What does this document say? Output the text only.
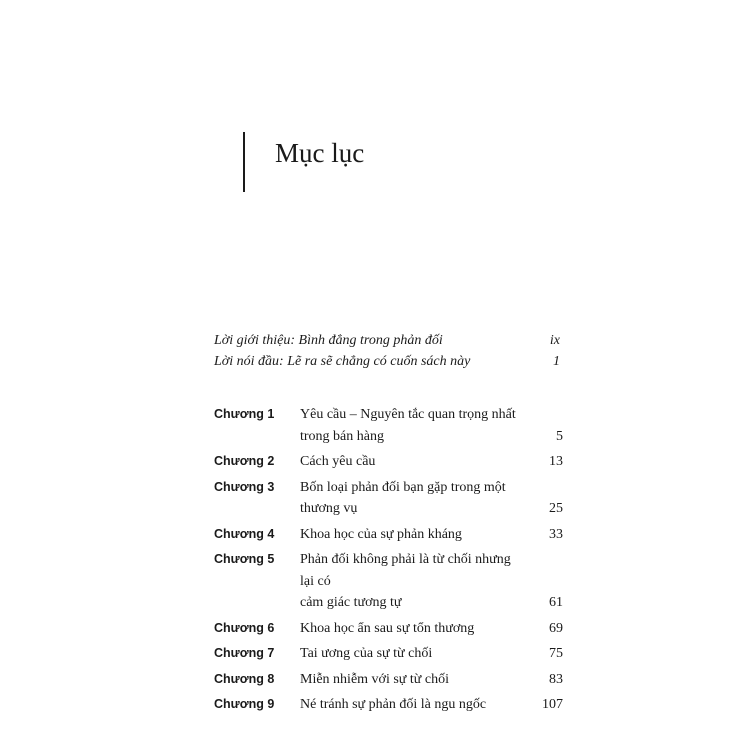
Mục lục
Lời giới thiệu: Bình đẳng trong phản đối	ix
Lời nói đầu: Lẽ ra sẽ chẳng có cuốn sách này	1
Chương 1	Yêu cầu – Nguyên tắc quan trọng nhất
trong bán hàng	5
Chương 2	Cách yêu cầu	13
Chương 3	Bốn loại phản đối bạn gặp trong một
thương vụ	25
Chương 4	Khoa học của sự phản kháng	33
Chương 5	Phản đối không phải là từ chối nhưng lại có
cảm giác tương tự	61
Chương 6	Khoa học ẩn sau sự tổn thương	69
Chương 7	Tai ương của sự từ chối	75
Chương 8	Miễn nhiễm với sự từ chối	83
Chương 9	Né tránh sự phản đối là ngu ngốc	107
